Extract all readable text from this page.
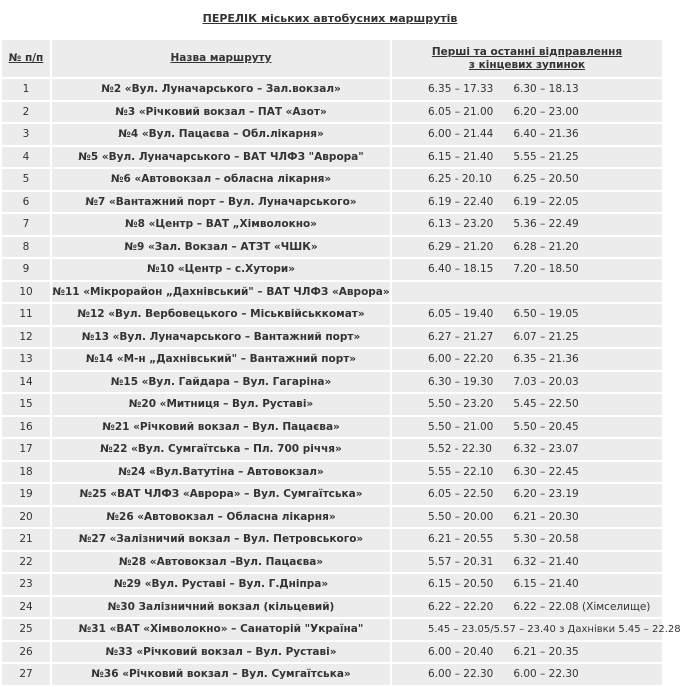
ПЕРЕЛІК міських автобусних маршрутів
№ п/п	Назва маршруту	Перші та останні відправлення
з кінцевих зупинок
1	№2 «Вул. Луначарського – Зал.вокзал»	6.35 – 17.33 6.30 – 18.13
2	№3 «Річковий вокзал – ПАТ «Азот»	6.05 – 21.00 6.20 – 23.00
3	№4 «Вул. Пацаєва – Обл.лікарня»	6.00 – 21.44 6.40 – 21.36
4	№5 «Вул. Луначарського – ВАТ ЧЛФЗ "Аврора"	6.15 – 21.40 5.55 – 21.25
5	№6 «Автовокзал – обласна лікарня»	6.25 - 20.10 6.25 – 20.50
6	№7 «Вантажний порт – Вул. Луначарського»	6.19 – 22.40 6.19 – 22.05
7	№8 «Центр – ВАТ „Хімволокно»	6.13 – 23.20 5.36 – 22.49
8	№9 «Зал. Вокзал – АТЗТ «ЧШК»	6.29 – 21.20 6.28 – 21.20
9	№10 «Центр – с.Хутори»	6.40 – 18.15 7.20 – 18.50
10	№11 «Мікрорайон „Дахнівський" – ВАТ ЧЛФЗ «Аврора»	
11	№12 «Вул. Вербовецького – Міськвійськкомат»	6.05 – 19.40 6.50 – 19.05
12	№13 «Вул. Луначарського – Вантажний порт»	6.27 – 21.27 6.07 – 21.25
13	№14 «М-н „Дахнівський" – Вантажний порт»	6.00 – 22.20 6.35 – 21.36
14	№15 «Вул. Гайдара – Вул. Гагаріна»	6.30 – 19.30 7.03 – 20.03
15	№20 «Митниця – Вул. Руставі»	5.50 – 23.20 5.45 – 22.50
16	№21 «Річковий вокзал – Вул. Пацаєва»	5.50 – 21.00 5.50 – 20.45
17	№22 «Вул. Сумгаїтська – Пл. 700 річчя»	5.52 - 22.30 6.32 – 23.07
18	№24 «Вул.Ватутіна – Автовокзал»	5.55 – 22.10 6.30 – 22.45
19	№25 «ВАТ ЧЛФЗ «Аврора» – Вул. Сумгаїтська»	6.05 – 22.50 6.20 – 23.19
20	№26 «Автовокзал – Обласна лікарня»	5.50 – 20.00 6.21 – 20.30
21	№27 «Залізничий вокзал – Вул. Петровського»	6.21 – 20.55 5.30 – 20.58
22	№28 «Автовокзал –Вул. Пацаєва»	5.57 – 20.31 6.32 – 21.40
23	№29 «Вул. Руставі – Вул. Г.Дніпра»	6.15 – 20.50 6.15 – 21.40
24	№30 Залізничний вокзал (кільцевий)	6.22 – 22.20 6.22 – 22.08 (Хімселище)
25	№31 «ВАТ «Хімволокно» – Санаторій "Україна"	5.45 – 23.05/5.57 – 23.40 з Дахнівки 5.45 – 22.28
26	№33 «Річковий вокзал – Вул. Руставі»	6.00 – 20.40 6.21 – 20.35
27	№36 «Річковий вокзал – Вул. Сумгаїтська»	6.00 – 22.30 6.00 – 22.30
